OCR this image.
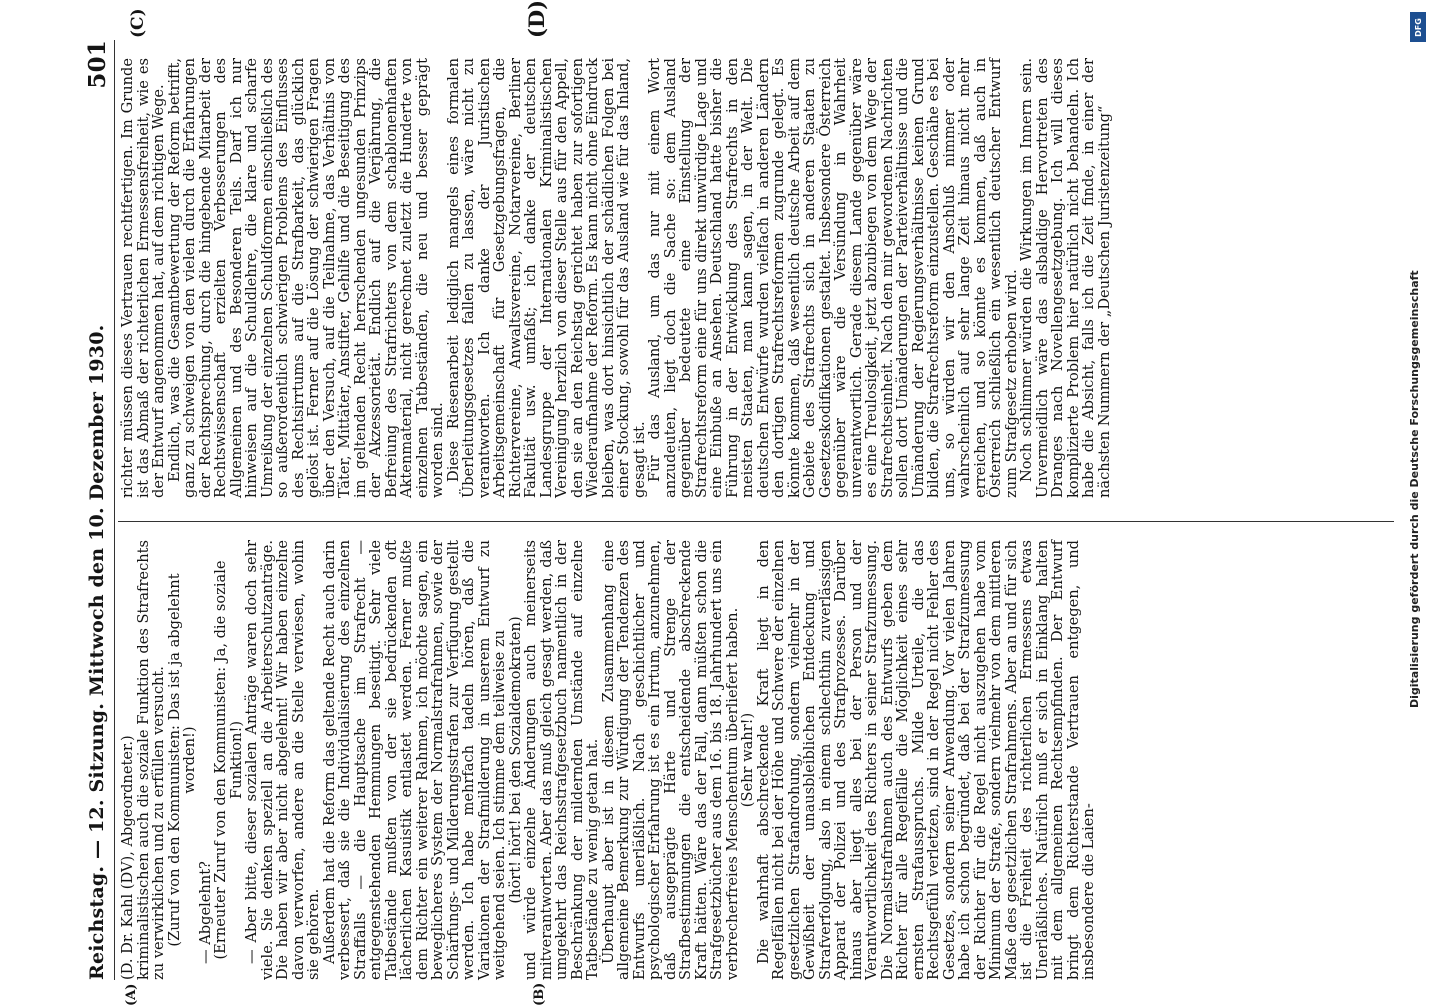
Reichstag. — 12. Sitzung. Mittwoch den 10. Dezember 1930.
501
(A)	(B)
(C)	(D)

(D. Dr. Kahl (DV), Abgeordneter.)

kriminalistischen auch die soziale Funktion des Strafrechts zu verwirklichen und zu erfüllen versucht.

(Zuruf von den Kommunisten: Das ist ja abgelehnt worden!)

— Abgelehnt?

(Erneuter Zuruf von den Kommunisten: Ja, die soziale Funktion!)

— Aber bitte, dieser sozialen Anträge waren doch sehr viele. Sie denken speziell an die Arbeiterschutzanträge. Die haben wir aber nicht abgelehnt! Wir haben einzelne davon verworfen, andere an die Stelle verwiesen, wohin sie gehören.

Außerdem hat die Reform das geltende Recht auch darin verbessert, daß sie die Individualisierung des einzelnen Straffalls — die Hauptsache im Strafrecht — entgegenstehenden Hemmungen beseitigt. Sehr viele Tatbestände mußten von der sie bedrückenden oft lächerlichen Kasuistik entlastet werden. Ferner mußte dem Richter ein weiterer Rahmen, ich möchte sagen, ein beweglicheres System der Normalstrafrahmen, sowie der Schärfungs- und Milderungsstrafen zur Verfügung gestellt werden. Ich habe mehrfach tadeln hören, daß die Variationen der Strafmilderung in unserem Entwurf zu weitgehend seien. Ich stimme dem teilweise zu

(hört! hört! bei den Sozialdemokraten)

und würde einzelne Änderungen auch meinerseits mitverantworten. Aber das muß gleich gesagt werden, daß umgekehrt das Reichsstrafgesetzbuch namentlich in der Beschränkung der mildernden Umstände auf einzelne Tatbestände zu wenig getan hat.

Überhaupt aber ist in diesem Zusammenhang eine allgemeine Bemerkung zur Würdigung der Tendenzen des Entwurfs unerläßlich. Nach geschichtlicher und psychologischer Erfahrung ist es ein Irrtum, anzunehmen, daß ausgeprägte Härte und Strenge der Strafbestimmungen die entscheidende abschreckende Kraft hätten. Wäre das der Fall, dann müßten schon die Strafgesetzbücher aus dem 16. bis 18. Jahrhundert uns ein verbrecherfreies Menschentum überliefert haben.

(Sehr wahr!)

Die wahrhaft abschreckende Kraft liegt in den Regelfällen nicht bei der Höhe und Schwere der einzelnen gesetzlichen Strafandrohung, sondern vielmehr in der Gewißheit der unausbleiblichen Entdeckung und Strafverfolgung, also in einem schlechthin zuverlässigen Apparat der Polizei und des Strafprozesses. Darüber hinaus aber liegt alles bei der Person und der Verantwortlichkeit des Richters in seiner Strafzumessung. Die Normalstrafrahmen auch des Entwurfs geben dem Richter für alle Regelfälle die Möglichkeit eines sehr ernsten Strafausspruchs. Milde Urteile, die das Rechtsgefühl verletzen, sind in der Regel nicht Fehler des Gesetzes, sondern seiner Anwendung. Vor vielen Jahren habe ich schon begründet, daß bei der Strafzumessung der Richter für die Regel nicht auszugehen habe vom Minimum der Strafe, sondern vielmehr von dem mittleren Maße des gesetzlichen Strafrahmens. Aber an und für sich ist die Freiheit des richterlichen Ermessens etwas Unerläßliches. Natürlich muß er sich in Einklang halten mit dem allgemeinen Rechtsempfinden. Der Entwurf bringt dem Richterstande Vertrauen entgegen, und insbesondere die Laien-

richter müssen dieses Vertrauen rechtfertigen. Im Grunde ist das Abmaß der richterlichen Ermessensfreiheit, wie es der Entwurf angenommen hat, auf dem richtigen Wege.

Endlich, was die Gesamtbewertung der Reform betrifft, ganz zu schweigen von den vielen durch die Erfahrungen der Rechtsprechung, durch die hingebende Mitarbeit der Rechtswissenschaft erzielten Verbesserungen des Allgemeinen und des Besonderen Teils. Darf ich nur hinweisen auf die Schuldlehre, die klare und scharfe Umreißung der einzelnen Schuldformen einschließlich des so außerordentlich schwierigen Problems des Einflusses des Rechtsirrtums auf die Strafbarkeit, das glücklich gelöst ist. Ferner auf die Lösung der schwierigen Fragen über den Versuch, auf die Teilnahme, das Verhältnis von Täter, Mittäter, Anstifter, Gehilfe und die Beseitigung des im geltenden Recht herrschenden ungesunden Prinzips der Akzessorietät. Endlich auf die Verjährung, die Befreiung des Strafrichters von dem schablonenhaften Aktenmaterial, nicht gerechnet zuletzt die Hunderte von einzelnen Tatbeständen, die neu und besser geprägt worden sind.

Diese Riesenarbeit lediglich mangels eines formalen Überleitungsgesetzes fallen zu lassen, wäre nicht zu verantworten. Ich danke der Juristischen Arbeitsgemeinschaft für Gesetzgebungsfragen, die Richtervereine, Anwaltsvereine, Notarvereine, Berliner Fakultät usw. umfaßt; ich danke der deutschen Landesgruppe der Internationalen Kriminalistischen Vereinigung herzlich von dieser Stelle aus für den Appell, den sie an den Reichstag gerichtet haben zur sofortigen Wiederaufnahme der Reform. Es kann nicht ohne Eindruck bleiben, was dort hinsichtlich der schädlichen Folgen bei einer Stockung, sowohl für das Ausland wie für das Inland, gesagt ist.

Für das Ausland, um das nur mit einem Wort anzudeuten, liegt doch die Sache so: dem Ausland gegenüber bedeutete eine Einstellung der Strafrechtsreform eine für uns direkt unwürdige Lage und eine Einbuße an Ansehen. Deutschland hatte bisher die Führung in der Entwicklung des Strafrechts in den meisten Staaten, man kann sagen, in der Welt. Die deutschen Entwürfe wurden vielfach in anderen Ländern den dortigen Strafrechtsreformen zugrunde gelegt. Es könnte kommen, daß wesentlich deutsche Arbeit auf dem Gebiete des Strafrechts sich in anderen Staaten zu Gesetzeskodifikationen gestaltet. Insbesondere Österreich gegenüber wäre die Versündung in Wahrheit unverantwortlich. Gerade diesem Lande gegenüber wäre es eine Treulosigkeit, jetzt abzubiegen von dem Wege der Strafrechtseinheit. Nach den mir gewordenen Nachrichten sollen dort Umänderungen der Parteiverhältnisse und die Umänderung der Regierungsverhältnisse keinen Grund bilden, die Strafrechtsreform einzustellen. Geschähe es bei uns, so würden wir den Anschluß nimmer oder wahrscheinlich auf sehr lange Zeit hinaus nicht mehr erreichen, und so könnte es kommen, daß auch in Österreich schließlich ein wesentlich deutscher Entwurf zum Strafgesetz erhoben wird.

Noch schlimmer würden die Wirkungen im Innern sein. Unvermeidlich wäre das alsbaldige Hervortreten des Dranges nach Novellengesetzgebung. Ich will dieses komplizierte Problem hier natürlich nicht behandeln. Ich habe die Absicht, falls ich die Zeit finde, in einer der nächsten Nummern der „Deutschen Juristenzeitung“	Digitalisierung gefördert durch die Deutsche Forschungsgemeinschaft
DFG
